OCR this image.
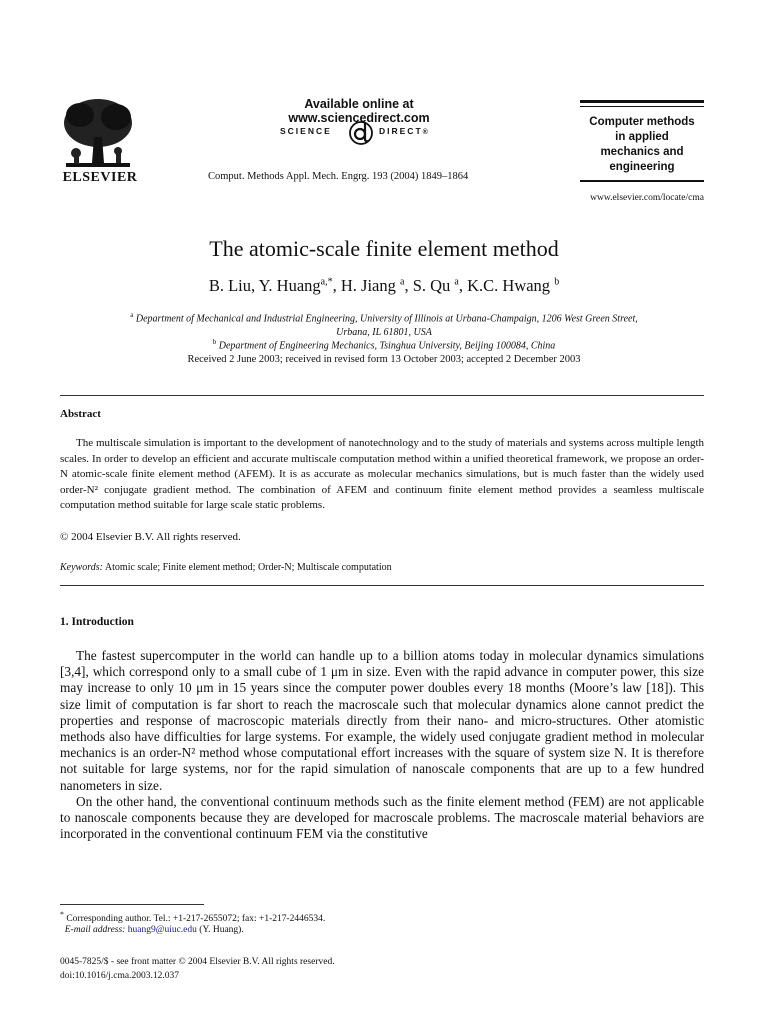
ELSEVIER
Available online at www.sciencedirect.com
SCIENCE	DIRECT®
Comput. Methods Appl. Mech. Engrg. 193 (2004) 1849–1864
Computer methods
in applied
mechanics and
engineering
www.elsevier.com/locate/cma
The atomic-scale finite element method
B. Liu, Y. Huang$^{a,*}$, H. Jiang $^a$, S. Qu $^a$, K.C. Hwang $^b$
$^a$ Department of Mechanical and Industrial Engineering, University of Illinois at Urbana-Champaign, 1206 West Green Street,
Urbana, IL 61801, USA
$^b$ Department of Engineering Mechanics, Tsinghua University, Beijing 100084, China
Received 2 June 2003; received in revised form 13 October 2003; accepted 2 December 2003
Abstract

The multiscale simulation is important to the development of nanotechnology and to the study of materials and systems across multiple length scales. In order to develop an efficient and accurate multiscale computation method within a unified theoretical framework, we propose an order-N atomic-scale finite element method (AFEM). It is as accurate as molecular mechanics simulations, but is much faster than the widely used order-N² conjugate gradient method. The combination of AFEM and continuum finite element method provides a seamless multiscale computation method suitable for large scale static problems.

© 2004 Elsevier B.V. All rights reserved.
Keywords: Atomic scale; Finite element method; Order-N; Multiscale computation
1. Introduction

The fastest supercomputer in the world can handle up to a billion atoms today in molecular dynamics simulations [3,4], which correspond only to a small cube of 1 μm in size. Even with the rapid advance in computer power, this size may increase to only 10 μm in 15 years since the computer power doubles every 18 months (Moore’s law [18]). This size limit of computation is far short to reach the macroscale such that molecular dynamics alone cannot predict the properties and response of macroscopic materials directly from their nano- and micro-structures. Other atomistic methods also have difficulties for large systems. For example, the widely used conjugate gradient method in molecular mechanics is an order-N² method whose computational effort increases with the square of system size N. It is therefore not suitable for large systems, nor for the rapid simulation of nanoscale components that are up to a few hundred nanometers in size.

On the other hand, the conventional continuum methods such as the finite element method (FEM) are not applicable to nanoscale components because they are developed for macroscale problems. The macroscale material behaviors are incorporated in the conventional continuum FEM via the constitutive

* Corresponding author. Tel.: +1-217-2655072; fax: +1-217-2446534.
E-mail address: huang9@uiuc.edu (Y. Huang).
0045-7825/$ - see front matter © 2004 Elsevier B.V. All rights reserved.
doi:10.1016/j.cma.2003.12.037
